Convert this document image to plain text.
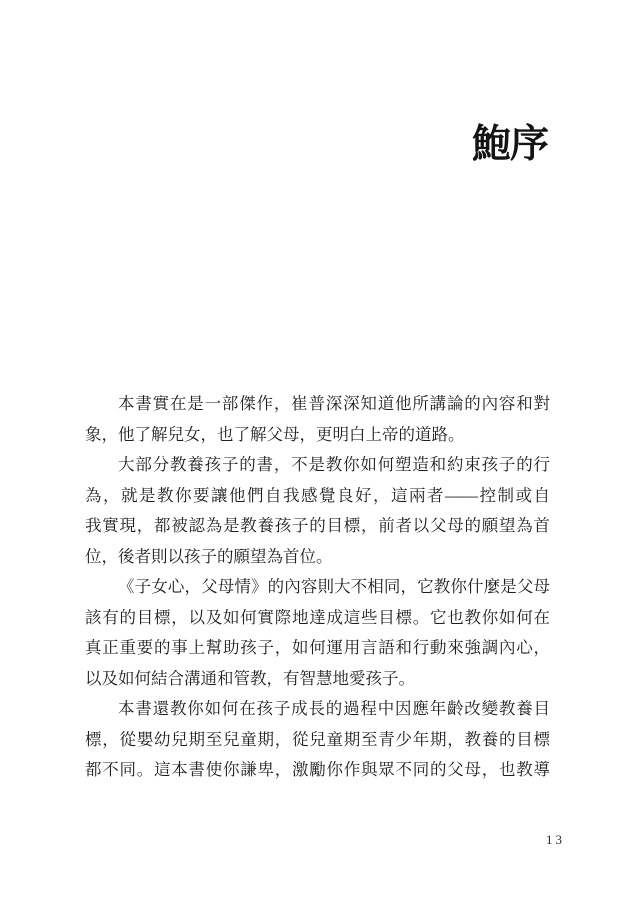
鮑序
本書實在是一部傑作，崔普深深知道他所講論的內容和對
象，他了解兒女，也了解父母，更明白上帝的道路。
大部分教養孩子的書，不是教你如何塑造和約束孩子的行
為，就是教你要讓他們自我感覺良好，這兩者——控制或自
我實現，都被認為是教養孩子的目標，前者以父母的願望為首
位，後者則以孩子的願望為首位。
《子女心，父母情》的內容則大不相同，它教你什麼是父母
該有的目標，以及如何實際地達成這些目標。它也教你如何在
真正重要的事上幫助孩子，如何運用言語和行動來強調內心，
以及如何結合溝通和管教，有智慧地愛孩子。
本書還教你如何在孩子成長的過程中因應年齡改變教養目
標，從嬰幼兒期至兒童期，從兒童期至青少年期，教養的目標
都不同。這本書使你謙卑，激勵你作與眾不同的父母，也教導
13
